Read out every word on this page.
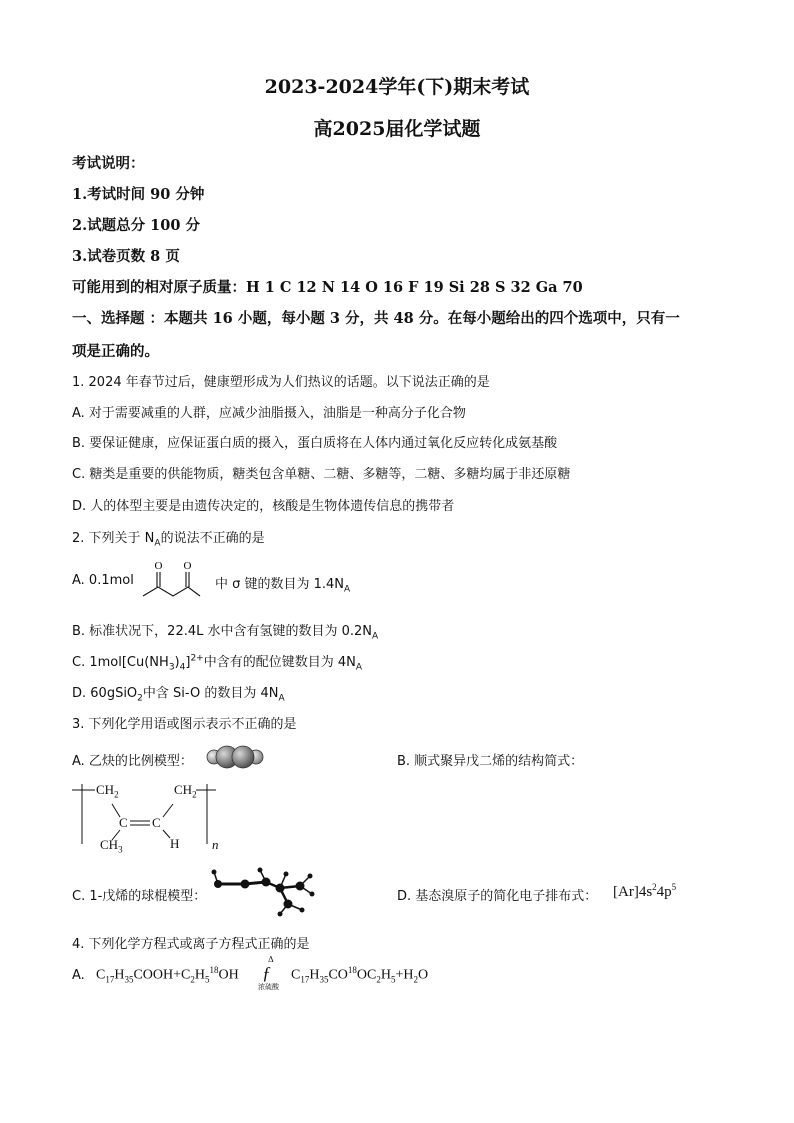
2023-2024学年(下)期末考试
高2025届化学试题
考试说明：
1.考试时间 90 分钟
2.试题总分 100 分
3.试卷页数 8 页
可能用到的相对原子质量：H 1 C 12 N 14 O 16 F 19 Si 28 S 32 Ga 70
一、选择题 ：本题共 16 小题，每小题 3 分，共 48 分。在每小题给出的四个选项中，只有一
项是正确的。
1. 2024 年春节过后，健康塑形成为人们热议的话题。以下说法正确的是
A. 对于需要减重的人群，应减少油脂摄入，油脂是一种高分子化合物
B. 要保证健康，应保证蛋白质的摄入，蛋白质将在人体内通过氧化反应转化成氨基酸
C. 糖类是重要的供能物质，糖类包含单糖、二糖、多糖等，二糖、多糖均属于非还原糖
D. 人的体型主要是由遗传决定的，核酸是生物体遗传信息的携带者
2. 下列关于 $N_A$的说法不正确的是
A. 0.1mol
O O
中 σ 键的数目为 $1.4N_A$
B. 标准状况下，22.4L 水中含有氢键的数目为 $0.2N_A$
C. $1mol[Cu(NH_3)_4]^{2+}$中含有的配位键数目为 $4N_A$
D. 60gSiO$_2$中含 Si-O 的数目为 $4N_A$
3. 下列化学用语或图示表示不正确的是
A. 乙炔的比例模型：	B. 顺式聚异戊二烯的结构简式：
$CH_2$	$CH_2$
C C
$CH_3$	H	n
C. 1-戊烯的球棍模型：	D. 基态溴原子的简化电子排布式： $[Ar]4s^24p^5$
4. 下列化学方程式或离子方程式正确的是
A. $C_{17}H_{35}COOH+C_2H_5^{18}OH$
Δ
ƒ
浓硫酸
$C_{17}H_{35}CO^{18}OC_2H_5+H_2O$
